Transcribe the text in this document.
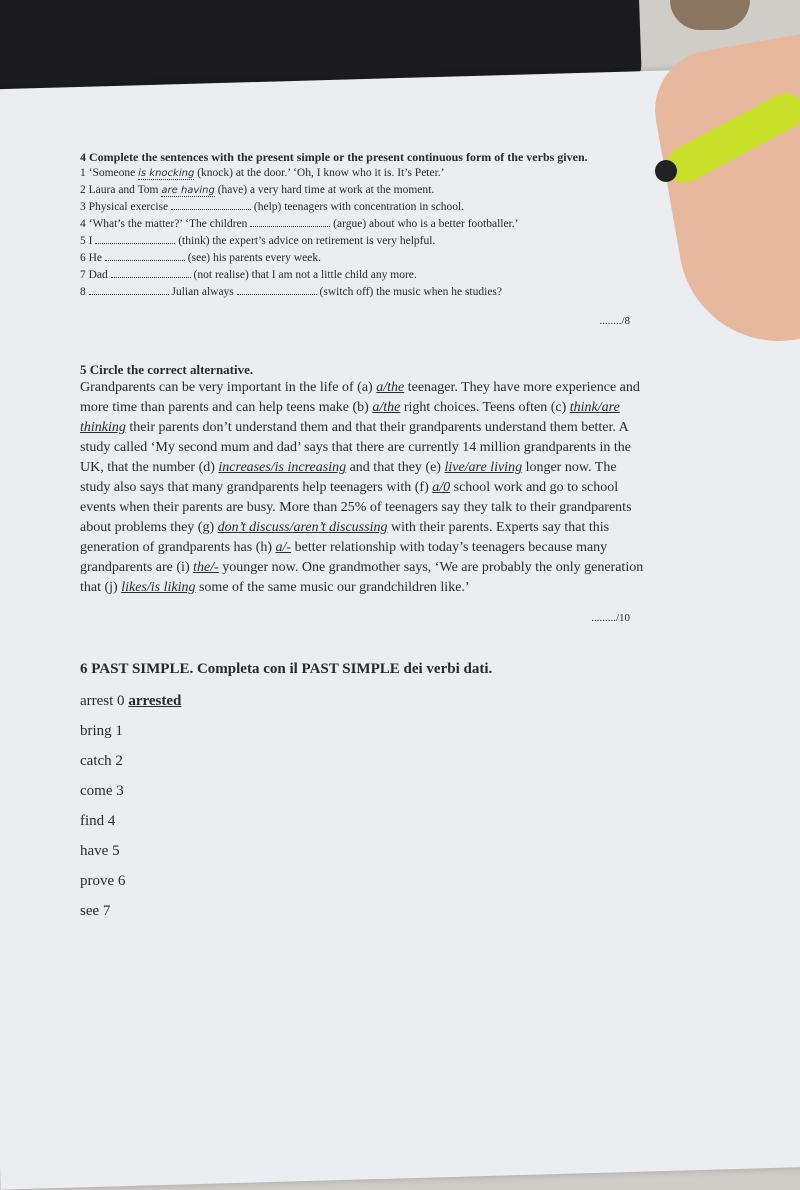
4 Complete the sentences with the present simple or the present continuous form of the verbs given.
1 ‘Someone is knocking (knock) at the door.’ ‘Oh, I know who it is. It’s Peter.’
2 Laura and Tom are having (have) a very hard time at work at the moment.
3 Physical exercise	(help) teenagers with concentration in school.
4 ‘What’s the matter?’ ‘The children	(argue) about who is a better footballer.’
5 I	(think) the expert’s advice on retirement is very helpful.
6 He	(see) his parents every week.
7 Dad	(not realise) that I am not a little child any more.
8	Julian always	(switch off) the music when he studies?
......../8
5 Circle the correct alternative.
Grandparents can be very important in the life of (a) a/the teenager. They have more experience and more time than parents and can help teens make (b) a/the right choices. Teens often (c) think/are thinking their parents don’t understand them and that their grandparents understand them better. A study called ‘My second mum and dad’ says that there are currently 14 million grandparents in the UK, that the number (d) increases/is increasing and that they (e) live/are living longer now. The study also says that many grandparents help teenagers with (f) a/0 school work and go to school events when their parents are busy. More than 25% of teenagers say they talk to their grandparents about problems they (g) don’t discuss/aren’t discussing with their parents. Experts say that this generation of grandparents has (h) a/- better relationship with today’s teenagers because many grandparents are (i) the/- younger now. One grandmother says, ‘We are probably the only generation that (j) likes/is liking some of the same music our grandchildren like.’
........./10
6 PAST SIMPLE. Completa con il PAST SIMPLE dei verbi dati.
arrest 0 arrested
bring 1
catch 2
come 3
find 4
have 5
prove 6
see 7
